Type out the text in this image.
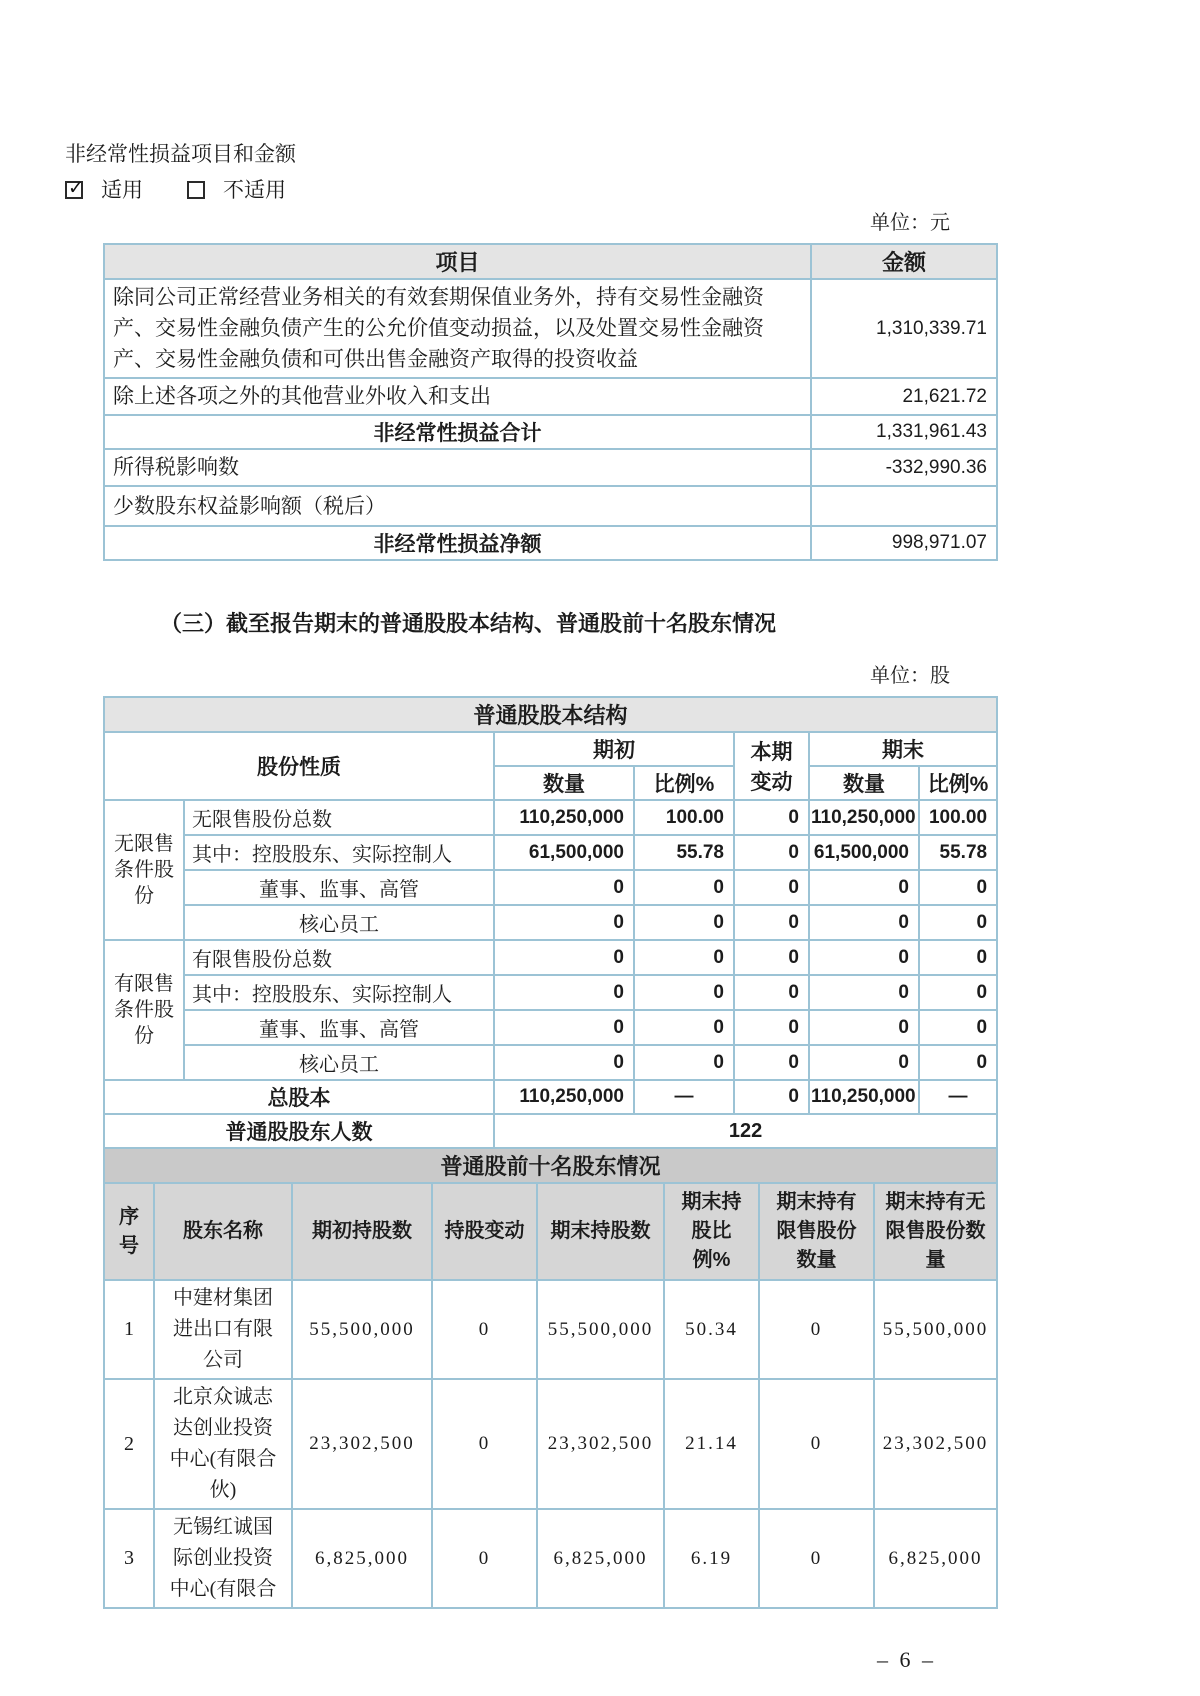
非经常性损益项目和金额
✓ 适用	不适用
单位：元
项目	金额
除同公司正常经营业务相关的有效套期保值业务外，持有交易性金融资产、交易性金融负债产生的公允价值变动损益，以及处置交易性金融资产、交易性金融负债和可供出售金融资产取得的投资收益	1,310,339.71
除上述各项之外的其他营业外收入和支出	21,621.72
非经常性损益合计	1,331,961.43
所得税影响数	-332,990.36
少数股东权益影响额（税后）	
非经常性损益净额	998,971.07
（三）截至报告期末的普通股股本结构、普通股前十名股东情况
单位：股
普通股股本结构						
股份性质		期初		本期变动	期末	
		数量	比例%		数量	比例%
无限售条件股份	无限售股份总数	110,250,000	100.00	0	110,250,000	100.00
	其中：控股股东、实际控制人	61,500,000	55.78	0	61,500,000	55.78
	董事、监事、高管	0	0	0	0	0
	核心员工	0	0	0	0	0
有限售条件股份	有限售股份总数	0	0	0	0	0
	其中：控股股东、实际控制人	0	0	0	0	0
	董事、监事、高管	0	0	0	0	0
	核心员工	0	0	0	0	0
总股本		110,250,000	—	0	110,250,000	—
普通股股东人数		122				
普通股前十名股东情况							

序号	股东名称	期初持股数	持股变动	期末持股数	期末持股比例%	期末持有限售股份数量	期末持有无限售股份数量

1	中建材集团进出口有限公司	55,500,000	0	55,500,000	50.34	0	55,500,000
2	北京众诚志达创业投资中心(有限合伙)	23,302,500	0	23,302,500	21.14	0	23,302,500
3	无锡红诚国际创业投资中心(有限合	6,825,000	0	6,825,000	6.19	0	6,825,000
– 6 –
